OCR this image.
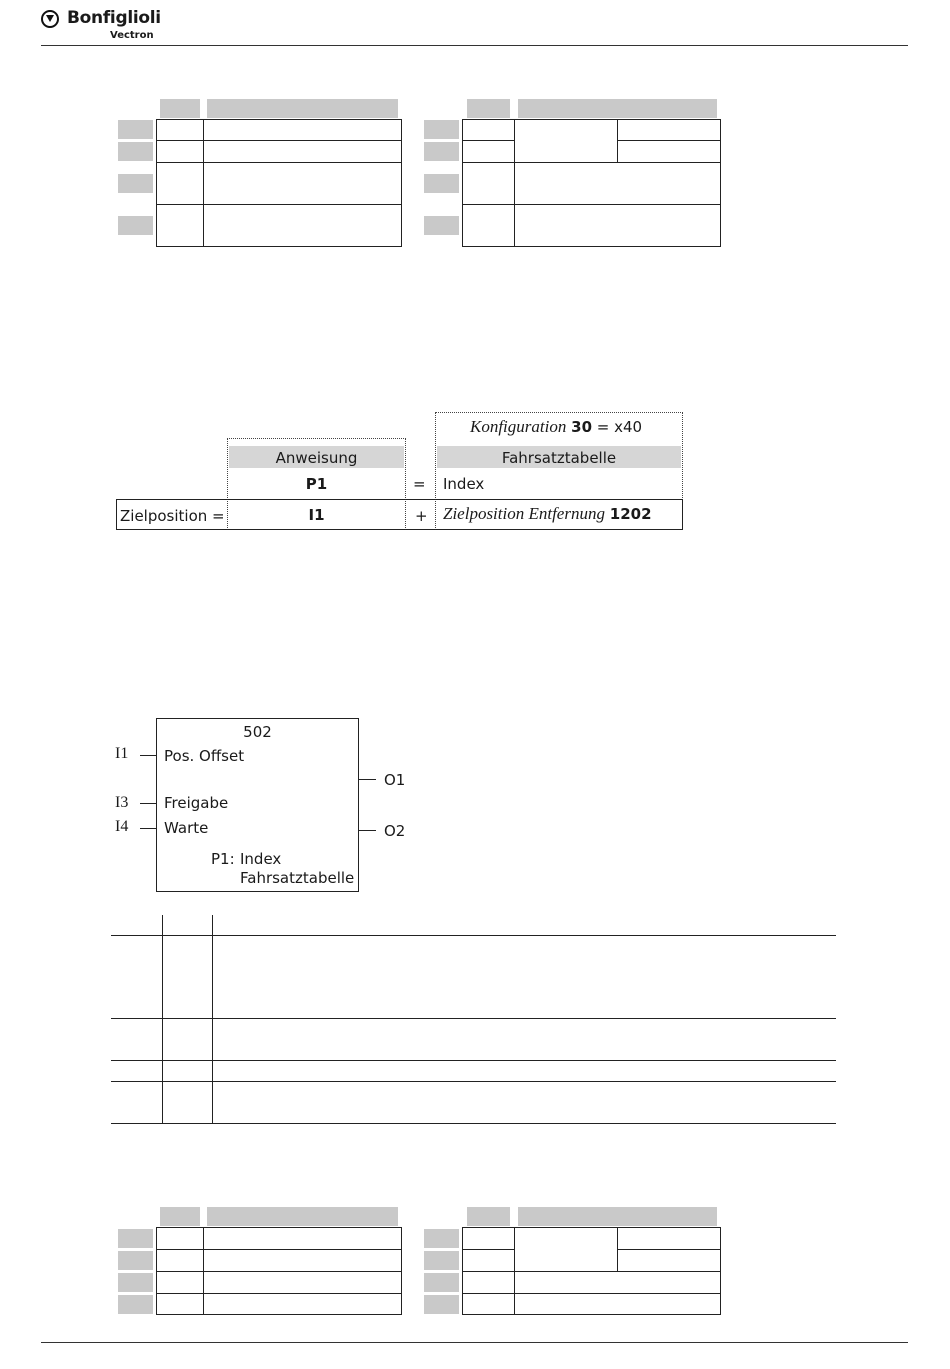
Bonfiglioli
Vectron
Konfiguration 30 = x40
Anweisung	Fahrsatztabelle
P1	= Index
Zielposition =	I1	+ Zielposition Entfernung 1202
502
I1 Pos. Offset
I3 Freigabe
I4 Warte
O1
O2
P1: Index
Fahrsatztabelle
